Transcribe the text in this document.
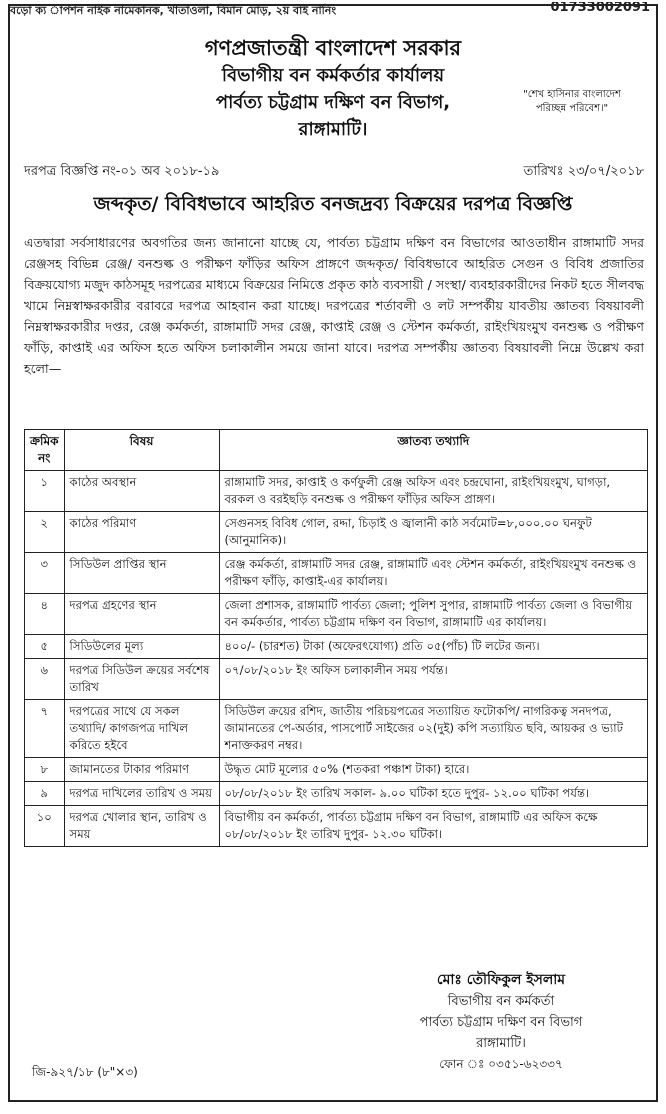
বড়ো ক্য াপশন নাইক নামেকানক, খাতাওলা, বিমান মোড়, ২য় বাই নানিং	01733002091
গণপ্রজাতন্ত্রী বাংলাদেশ সরকার
বিভাগীয় বন কর্মকর্তার কার্যালয়
পার্বত্য চট্টগ্রাম দক্ষিণ বন বিভাগ,
রাঙ্গামাটি।
"শেখ হাসিনার বাংলাদেশ
পরিচ্ছন্ন পরিবেশ।"
দরপত্র বিজ্ঞপ্তি নং-০১ অব ২০১৮-১৯	তারিখঃ ২৩/০৭/২০১৮
জব্দকৃত/ বিবিধভাবে আহরিত বনজদ্রব্য বিক্রয়ের দরপত্র বিজ্ঞপ্তি
এতদ্বারা সর্বসাধারণের অবগতির জন্য জানানো যাচ্ছে যে, পার্বত্য চট্টগ্রাম দক্ষিণ বন বিভাগের আওতাধীন রাঙ্গামাটি সদর রেঞ্জসহ বিভিন্ন রেঞ্জ/ বনশুল্ক ও পরীক্ষণ ফাঁড়ির অফিস প্রাঙ্গণে জব্দকৃত/ বিবিধভাবে আহরিত সেগুন ও বিবিধ প্রজাতির বিক্রয়যোগ্য মজুদ কাঠসমূহ দরপত্রের মাধ্যমে বিক্রয়ের নিমিত্তে প্রকৃত কাঠ ব্যবসায়ী / সংস্থা/ ব্যবহারকারীদের নিকট হতে সীলবদ্ধ খামে নিম্নস্বাক্ষরকারীর বরাবরে দরপত্র আহবান করা যাচ্ছে। দরপত্রের শর্তাবলী ও লট সম্পর্কীয় যাবতীয় জ্ঞাতব্য বিষয়াবলী নিম্নস্বাক্ষরকারীর দপ্তর, রেঞ্জ কর্মকর্তা, রাঙ্গামাটি সদর রেঞ্জ, কাপ্তাই রেঞ্জ ও স্টেশন কর্মকর্তা, রাইংখিয়ংমুখ বনশুল্ক ও পরীক্ষণ ফাঁড়ি, কাপ্তাই এর অফিস হতে অফিস চলাকালীন সময়ে জানা যাবে। দরপত্র সম্পর্কীয় জ্ঞাতব্য বিষয়াবলী নিম্নে উল্লেখ করা হলো—
ক্রমিক নং	বিষয়	জ্ঞাতব্য তথ্যাদি
১	কাঠের অবস্থান	রাঙ্গামাটি সদর, কাপ্তাই ও কর্ণফুলী রেঞ্জ অফিস এবং চন্দ্রঘোনা, রাইংখিয়ংমুখ, ঘাগড়া, বরকল ও বরইছড়ি বনশুল্ক ও পরীক্ষণ ফাঁড়ির অফিস প্রাঙ্গণ।
২	কাঠের পরিমাণ	সেগুনসহ বিবিধ গোল, রদ্দা, চিড়াই ও জ্বালানী কাঠ সর্বমোট=৮,০০০.০০ ঘনফুট (আনুমানিক)।
৩	সিডিউল প্রাপ্তির স্থান	রেঞ্জ কর্মকর্তা, রাঙ্গামাটি সদর রেঞ্জ, রাঙ্গামাটি এবং স্টেশন কর্মকর্তা, রাইংখিয়ংমুখ বনশুল্ক ও পরীক্ষণ ফাঁড়ি, কাপ্তাই-এর কার্যালয়।
৪	দরপত্র গ্রহণের স্থান	জেলা প্রশাসক, রাঙ্গামাটি পার্বত্য জেলা; পুলিশ সুপার, রাঙ্গামাটি পার্বত্য জেলা ও বিভাগীয় বন কর্মকর্তার, পার্বত্য চট্টগ্রাম দক্ষিণ বন বিভাগ, রাঙ্গামাটি এর কার্যালয়।
৫	সিডিউলের মূল্য	৪০০/- (চারশত) টাকা (অফেরৎযোগ্য) প্রতি ০৫(পাঁচ) টি লটের জন্য।
৬	দরপত্র সিডিউল ক্রয়ের সর্বশেষ তারিখ	০৭/০৮/২০১৮ ইং অফিস চলাকালীন সময় পর্যন্ত।
৭	দরপত্রের সাথে যে সকল তথ্যাদি/ কাগজপত্র দাখিল করিতে হইবে	সিডিউল ক্রয়ের রশিদ, জাতীয় পরিচয়পত্রের সত্যায়িত ফটোকপি/ নাগরিকত্ব সনদপত্র, জামানতের পে-অর্ডার, পাসপোর্ট সাইজের ০২(দুই) কপি সত্যায়িত ছবি, আয়কর ও ভ্যাট শনাক্তকরণ নম্বর।
৮	জামানতের টাকার পরিমাণ	উদ্ধৃত মোট মূল্যের ৫০% (শতকরা পঞ্চাশ টাকা) হারে।
৯	দরপত্র দাখিলের তারিখ ও সময়	০৮/০৮/২০১৮ ইং তারিখ সকাল- ৯.০০ ঘটিকা হতে দুপুর- ১২.০০ ঘটিকা পর্যন্ত।
১০	দরপত্র খোলার স্থান, তারিখ ও সময়	বিভাগীয় বন কর্মকর্তা, পার্বত্য চট্টগ্রাম দক্ষিণ বন বিভাগ, রাঙ্গামাটি এর অফিস কক্ষে ০৮/০৮/২০১৮ ইং তারিখ দুপুর- ১২.৩০ ঘটিকা।
মোঃ তৌফিকুল ইসলাম
বিভাগীয় বন কর্মকর্তা
পার্বত্য চট্টগ্রাম দক্ষিণ বন বিভাগ
রাঙ্গামাটি।
ফোন ঃ ০৩৫১-৬২৩৩৭
জি-৯২৭/১৮ (৮"×৩)
